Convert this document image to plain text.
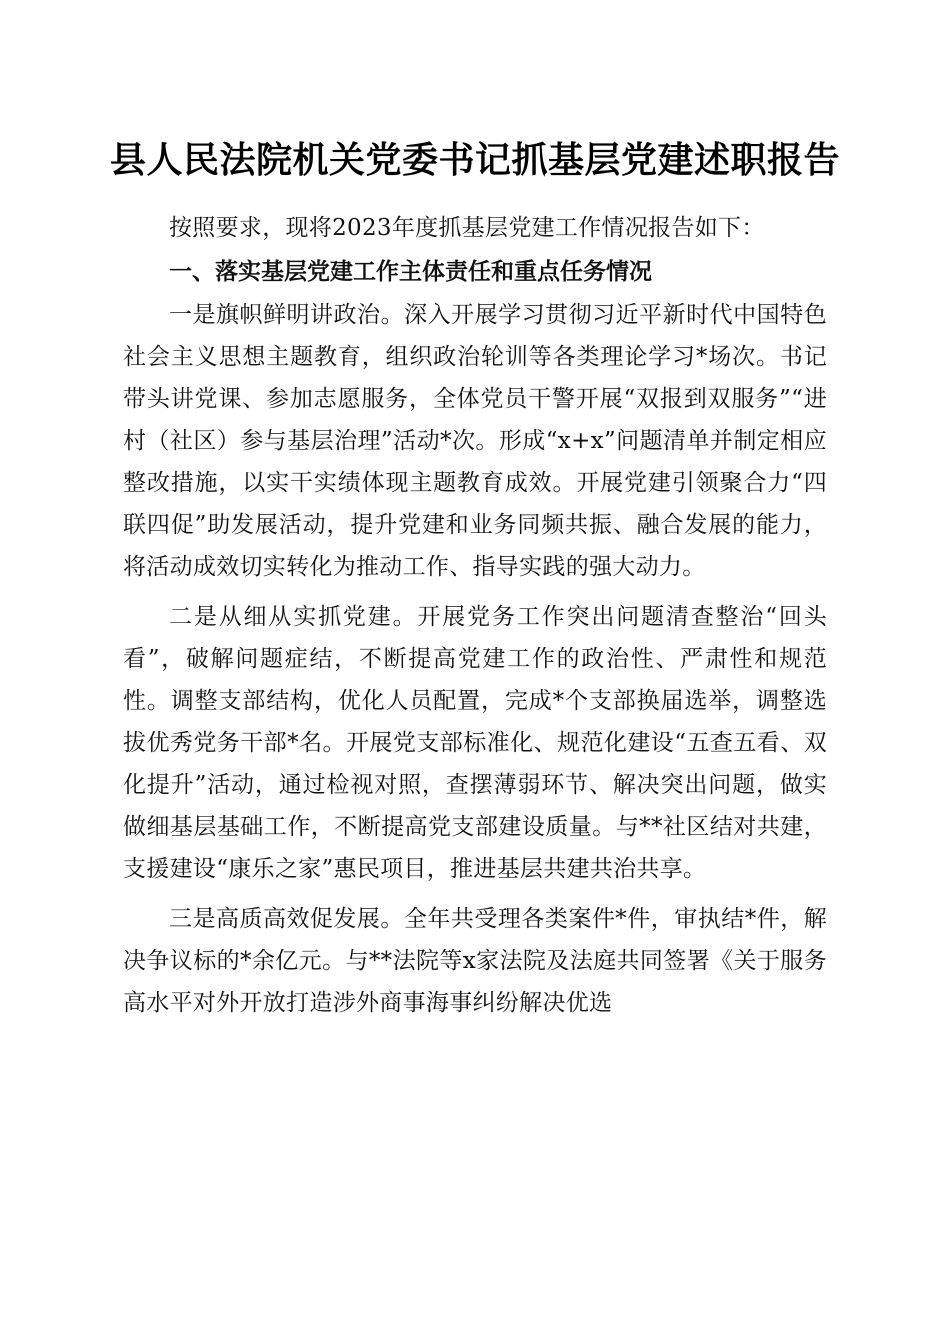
县人民法院机关党委书记抓基层党建述职报告

按照要求，现将2023年度抓基层党建工作情况报告如下：

一、落实基层党建工作主体责任和重点任务情况

一是旗帜鲜明讲政治。深入开展学习贯彻习近平新时代中国特色社会主义思想主题教育，组织政治轮训等各类理论学习*场次。书记带头讲党课、参加志愿服务，全体党员干警开展“双报到双服务”“进村（社区）参与基层治理”活动*次。形成“x+x”问题清单并制定相应整改措施，以实干实绩体现主题教育成效。开展党建引领聚合力“四联四促”助发展活动，提升党建和业务同频共振、融合发展的能力，将活动成效切实转化为推动工作、指导实践的强大动力。

二是从细从实抓党建。开展党务工作突出问题清查整治“回头看”，破解问题症结，不断提高党建工作的政治性、严肃性和规范性。调整支部结构，优化人员配置，完成*个支部换届选举，调整选拔优秀党务干部*名。开展党支部标准化、规范化建设“五查五看、双化提升”活动，通过检视对照，查摆薄弱环节、解决突出问题，做实做细基层基础工作，不断提高党支部建设质量。与**社区结对共建，支援建设“康乐之家”惠民项目，推进基层共建共治共享。

三是高质高效促发展。全年共受理各类案件*件，审执结*件，解决争议标的*余亿元。与**法院等x家法院及法庭共同签署《关于服务高水平对外开放打造涉外商事海事纠纷解决优选
